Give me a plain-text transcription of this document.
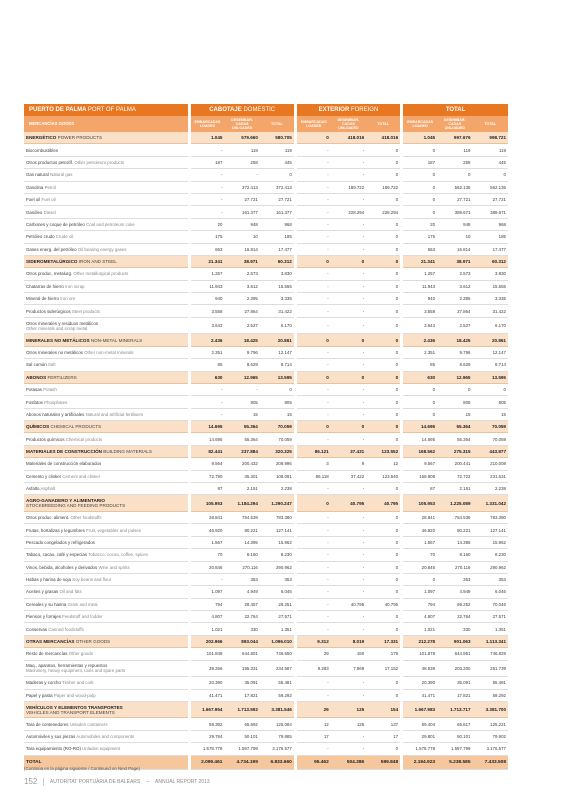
PUERTO DE PALMA PORT OF PALMA	CABOTAJE DOMESTIC			EXTERIOR FOREIGN			TOTAL		
MERCANCÍAS GOODS	EMBARCADAS LOADED	DESEMBAR-CADAS UNLOADED	TOTAL	EMBARCADAS LOADED	DESEMBAR-CADAS UNLOADED	TOTAL	EMBARCADAS LOADED	DESEMBAR-CADAS UNLOADED	TOTAL
ENERGÉTICO POWER PRODUCTS	1.045	579.660	580.705	0	418.016	418.016	1.045	997.676	998.721
Biocombustibles	-	119	119	-	-	0	0	119	119
Otros productos petrolíf. Other petroleum products	187	258	445	-	-	0	187	258	445
Gas natural Natural gas	-	-	0	-	-	0	0	0	0
Gasolina Petrol	-	372.413	372.413	-	189.722	189.722	0	562.135	562.135
Fuel oil Fuel oil	-	27.721	27.721	-	-	0	0	27.721	27.721
Gasóleo Diesel	-	161.377	161.377	-	228.294	228.294	0	389.671	389.671
Carbones y coque de petróleo Coal and petroleum coke	20	948	968	-	-	0	20	948	968
Petróleo crudo Crude oil	175	10	185	-	-	0	175	10	185
Gases energ. del petróleo Oil bearing energy gases	663	16.814	17.477	-	-	0	663	16.814	17.477
SIDEROMETALÚRGICO IRON AND STEEL	21.341	38.971	60.312	0	0	0	21.341	38.971	60.312
Otros produc. metalurg. Other metallurgical products	1.257	2.573	3.830	-	-	0	1.257	2.573	3.830
Chatarras de hierro Iron scrap	11.943	3.612	15.555	-	-	0	11.943	3.612	15.555
Mineral de hierro Iron ore	940	2.395	3.335	-	-	0	940	2.395	3.335
Productos siderúrgicos Steel products	3.558	27.864	31.422	-	-	0	3.558	27.864	31.422
Otros minerales y residuos metálicos
Other minerals and scrap metal	3.643	2.527	6.170	-	-	0	3.643	2.527	6.170
MINERALES NO METÁLICOS NON-METAL MINERALS	2.436	18.425	20.861	0	0	0	2.436	18.425	20.861
Otros minerales no metálicos Other non-metal minerals	2.351	9.796	12.147	-	-	0	2.351	9.796	12.147
Sal común Salt	85	8.629	8.714	-	-	0	85	8.629	8.714
ABONOS FERTILIZERS	630	12.965	13.595	0	0	0	630	12.965	13.595
Potasas Potash	-	-	0	-	-	0	0	0	0
Fosfatos Phosphates	-	805	805	-	-	0	0	805	805
Abonos naturales y artificiales Natural and artificial fertilisers	-	15	15	-	-	0	0	15	15
QUÍMICOS CHEMICAL PRODUCTS	14.695	55.364	70.059	0	0	0	14.695	55.364	70.059
Productos químicos Chemical products	14.695	55.364	70.059	-	-	0	14.695	55.364	70.059
MATERIALES DE CONSTRUCCIÓN BUILDING MATERIALS	82.441	237.884	320.325	86.121	37.431	123.552	168.562	275.315	443.877
Materiales de construcción elaborados	9.564	200.432	209.996	3	9	12	9.567	200.441	210.008
Cemento y clinker Cement and clinker	72.790	35.301	108.091	86.118	37.422	123.540	158.908	72.723	231.631
Asfalto Asphalt	87	2.151	2.238	-	-	0	87	2.151	2.238
AGRO-GANADERO Y ALIMENTARIO
STOCKBREEDING AND FEEDING PRODUCTS	105.953	1.184.294	1.290.247	0	40.795	40.795	105.953	1.225.089	1.331.042
Otros produc. aliment. Other foodstuffs	28.841	754.539	783.380	-	-	0	28.841	754.539	783.380
Frutas, hortalizas y legumbres Fruit, vegetables and pulses	46.920	80.221	127.141	-	-	0	46.920	80.221	127.141
Pescado congelados y refrigerados	1.567	14.395	15.962	-	-	0	1.567	14.395	15.962
Tabaco, cacao, café y especias Tobacco, cocoa, coffee, spices	70	8.160	8.230	-	-	0	70	8.160	8.230
Vinos, bebida, alcoholes y derivados Wine and spirits	20.846	270.116	290.962	-	-	0	20.846	270.116	290.962
Habas y harina de soja Soy beans and flour	-	353	353	-	-	0	0	353	353
Aceites y grasas Oil and fats	1.097	4.949	6.046	-	-	0	1.097	4.949	6.046
Cereales y su harina Grain and meal	794	28.457	29.251	-	40.795	40.795	794	69.252	70.046
Piensos y forrajes Feedstuff and fodder	4.807	22.764	27.571	-	-	0	4.807	22.764	27.571
Conservas Canned foodstuffs	1.021	330	1.351	-	-	0	1.021	330	1.351
OTRAS MERCANCÍAS OTHER GOODS	202.966	893.044	1.096.010	9.312	8.019	17.331	212.278	901.063	1.113.341
Resto de mercancías Other goods	101.849	644.801	746.650	29	150	179	101.878	644.951	746.829
Maq., aparatos, herramientas y repuestos
Machinery, heavy equipment, tools and spare parts	39.256	195.331	234.587	9.283	7.869	17.152	48.539	203.200	251.739
Maderas y corcho Timber and cork	20.390	35.091	55.481	-	-	0	20.390	35.091	55.481
Papel y pasta Paper and wood-pulp	41.471	17.821	59.292	-	-	0	41.471	17.821	59.292
VEHÍCULOS Y ELEMENTOS TRANSPORTES
VEHICLES AND TRANSPORT ELEMENTS	1.667.954	1.713.592	3.381.546	29	125	154	1.667.983	1.713.717	3.381.700
Tara de contenedores Unladen containers	59.392	65.692	125.084	12	125	137	59.404	65.817	125.221
Automóviles y sus piezas Automobiles and components	29.784	50.101	79.885	17	-	17	29.801	50.101	79.902
Tara equipamiento (RO-RO) Unladen equipment	1.578.778	1.597.799	3.176.577	-	-	0	1.578.778	1.597.799	3.176.577
TOTAL	2.099.461	4.734.199	6.833.660	95.462	504.386	599.848	2.194.923	5.238.585	7.433.508
(Continúa en la página siguiente / Continued on Next Page)
152	AUTORITAT PORTUÀRIA DE BALEARS – ANNUAL REPORT 2013
